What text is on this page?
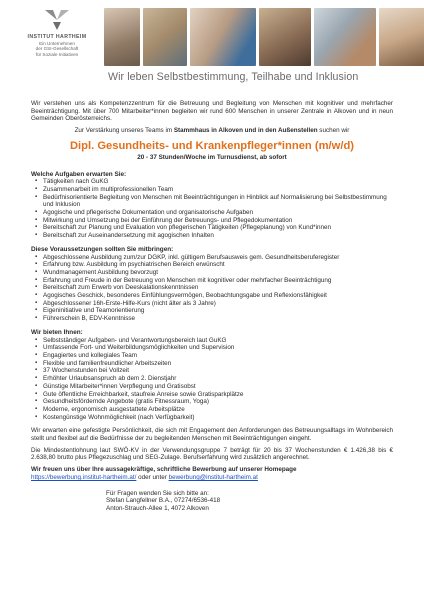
INSTITUT HARTHEIM
Ein Unternehmen
der GSI-Gesellschaft
für Soziale Initiativen
Wir leben Selbstbestimmung, Teilhabe und Inklusion

Wir verstehen uns als Kompetenzzentrum für die Betreuung und Begleitung von Menschen mit kognitiver und mehrfacher Beeinträchtigung. Mit über 700 Mitarbeiter*innen begleiten wir rund 600 Menschen in unserer Zentrale in Alkoven und in neun Gemeinden Oberösterreichs.

Zur Verstärkung unseres Teams im Stammhaus in Alkoven und in den Außenstellen suchen wir

Dipl. Gesundheits- und Krankenpfleger*innen (m/w/d)
20 - 37 Stunden/Woche im Turnusdienst, ab sofort
Welche Aufgaben erwarten Sie:
▪ Tätigkeiten nach GuKG
▪ Zusammenarbeit im multiprofessionellen Team
▪ Bedürfnisorientierte Begleitung von Menschen mit Beeinträchtigungen in Hinblick auf Normalisierung bei Selbstbestimmung und Inklusion
▪ Agogische und pflegerische Dokumentation und organisatorische Aufgaben
▪ Mitwirkung und Umsetzung bei der Einführung der Betreuungs- und Pflegedokumentation
▪ Bereitschaft zur Planung und Evaluation von pflegerischen Tätigkeiten (Pflegeplanung) von Kund*innen
▪ Bereitschaft zur Auseinandersetzung mit agogischen Inhalten
Diese Voraussetzungen sollten Sie mitbringen:
▪ Abgeschlossene Ausbildung zum/zur DGKP, inkl. gültigem Berufsausweis gem. Gesundheitsberuferegister
▪ Erfahrung bzw. Ausbildung im psychiatrischen Bereich erwünscht
▪ Wundmanagement Ausbildung bevorzugt
▪ Erfahrung und Freude in der Betreuung von Menschen mit kognitiver oder mehrfacher Beeinträchtigung
▪ Bereitschaft zum Erwerb von Deeskalationskenntnissen
▪ Agogisches Geschick, besonderes Einfühlungsvermögen, Beobachtungsgabe und Reflexionsfähigkeit
▪ Abgeschlossener 16h-Erste-Hilfe-Kurs (nicht älter als 3 Jahre)
▪ Eigeninitiative und Teamorientierung
▪ Führerschein B, EDV-Kenntnisse
Wir bieten Ihnen:
▪ Selbstständiger Aufgaben- und Verantwortungsbereich laut GuKG
▪ Umfassende Fort- und Weiterbildungsmöglichkeiten und Supervision
▪ Engagiertes und kollegiales Team
▪ Flexible und familienfreundlicher Arbeitszeiten
▪ 37 Wochenstunden bei Vollzeit
▪ Erhöhter Urlaubsanspruch ab dem 2. Dienstjahr
▪ Günstige Mitarbeiter*innen Verpflegung und Gratisobst
▪ Gute öffentliche Erreichbarkeit, staufreie Anreise sowie Gratisparkplätze
▪ Gesundheitsfördernde Angebote (gratis Fitnessraum, Yoga)
▪ Moderne, ergonomisch ausgestattete Arbeitsplätze
▪ Kostengünstige Wohnmöglichkeit (nach Verfügbarkeit)

Wir erwarten eine gefestigte Persönlichkeit, die sich mit Engagement den Anforderungen des Betreuungsalltags im Wohnbereich stellt und flexibel auf die Bedürfnisse der zu begleitenden Menschen mit Beeinträchtigungen eingeht.

Die Mindestentlohnung laut SWÖ-KV in der Verwendungsgruppe 7 beträgt für 20 bis 37 Wochenstunden € 1.426,38 bis € 2.638,80 brutto plus Pflegezuschlag und SEG-Zulage. Berufserfahrung wird zusätzlich angerechnet.

Wir freuen uns über Ihre aussagekräftige, schriftliche Bewerbung auf unserer Homepage
https://bewerbung.institut-hartheim.at/ oder unter bewerbung@institut-hartheim.at

Für Fragen wenden Sie sich bitte an:
Stefan Langfellner B.A., 07274/6536-418
Anton-Strauch-Allee 1, 4072 Alkoven
